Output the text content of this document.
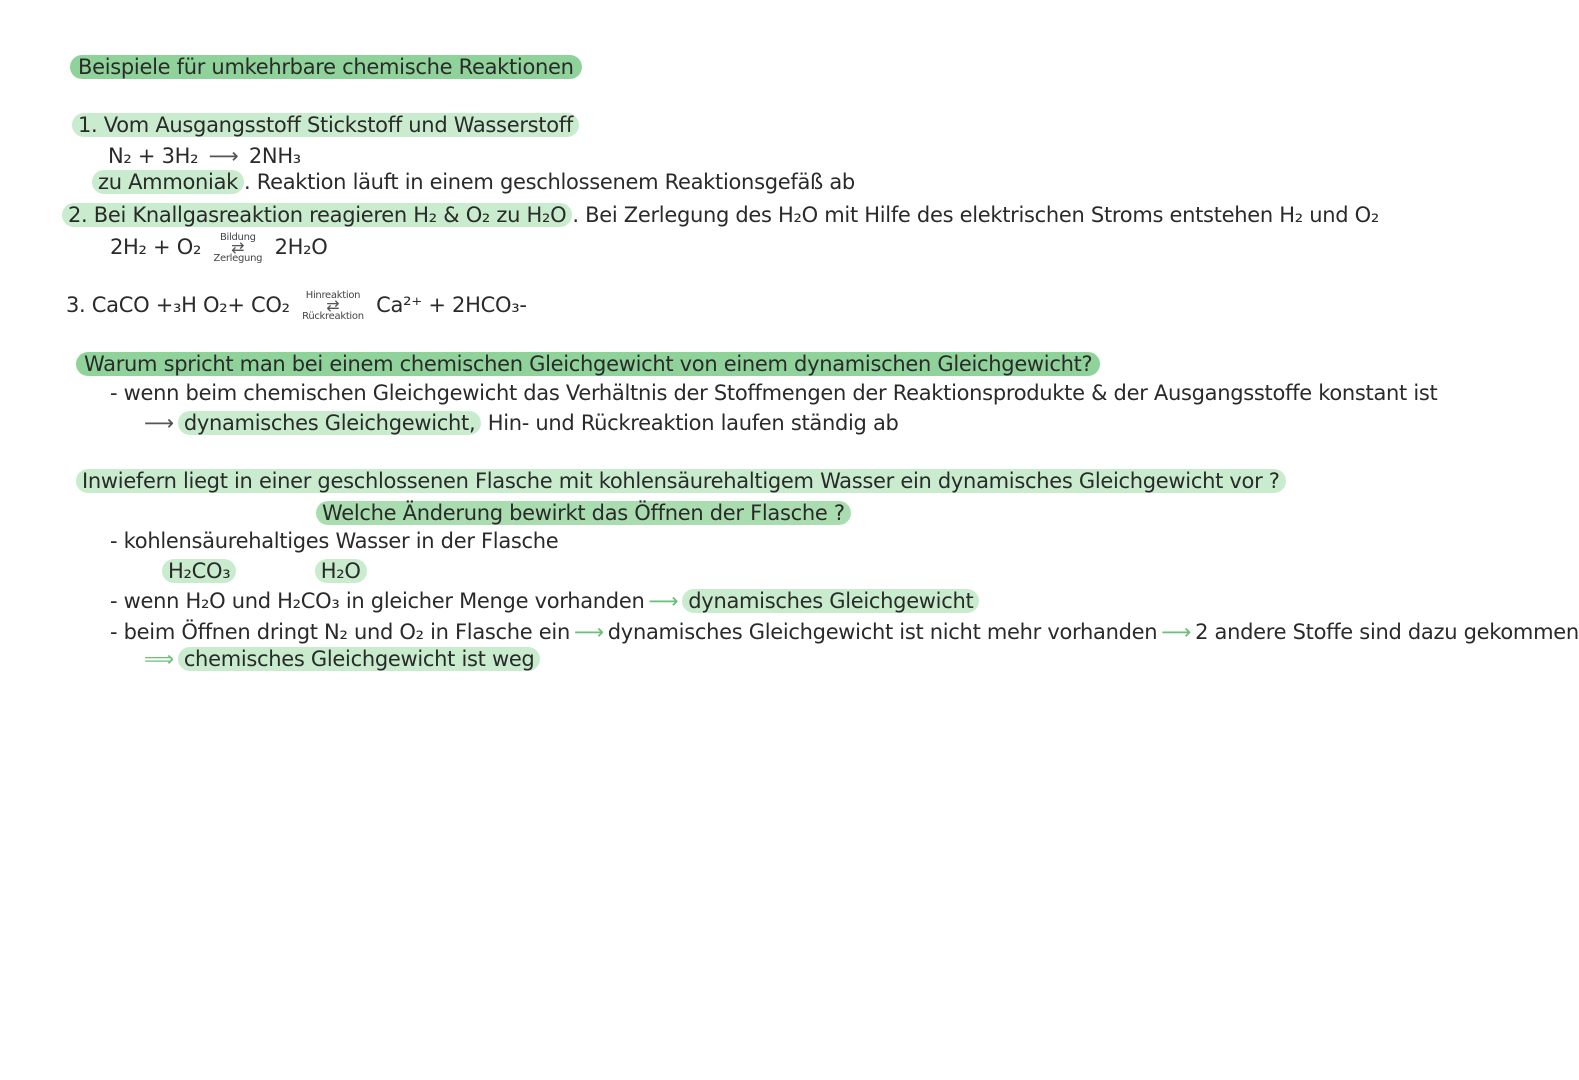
Beispiele für umkehrbare chemische Reaktionen
1. Vom Ausgangsstoff Stickstoff und Wasserstoff
N₂ + 3H₂ ⟶ 2NH₃
zu Ammoniak . Reaktion läuft in einem geschlossenem Reaktionsgefäß ab
2. Bei Knallgasreaktion reagieren H₂ & O₂ zu H₂O . Bei Zerlegung des H₂O mit Hilfe des elektrischen Stroms entstehen H₂ und O₂
2H₂ + O₂ Bildung
⇄
Zerlegung 2H₂O
3. CaCO +₃H O₂+ CO₂ Hinreaktion
⇄
Rückreaktion Ca²⁺ + 2HCO₃-
Warum spricht man bei einem chemischen Gleichgewicht von einem dynamischen Gleichgewicht?
- wenn beim chemischen Gleichgewicht das Verhältnis der Stoffmengen der Reaktionsprodukte & der Ausgangsstoffe konstant ist
⟶ dynamisches Gleichgewicht, Hin- und Rückreaktion laufen ständig ab
Inwiefern liegt in einer geschlossenen Flasche mit kohlensäurehaltigem Wasser ein dynamisches Gleichgewicht vor ?
Welche Änderung bewirkt das Öffnen der Flasche ?
- kohlensäurehaltiges Wasser in der Flasche
H₂CO₃	H₂O
- wenn H₂O und H₂CO₃ in gleicher Menge vorhanden ⟶ dynamisches Gleichgewicht
- beim Öffnen dringt N₂ und O₂ in Flasche ein ⟶ dynamisches Gleichgewicht ist nicht mehr vorhanden ⟶ 2 andere Stoffe sind dazu gekommen
⟹ chemisches Gleichgewicht ist weg
